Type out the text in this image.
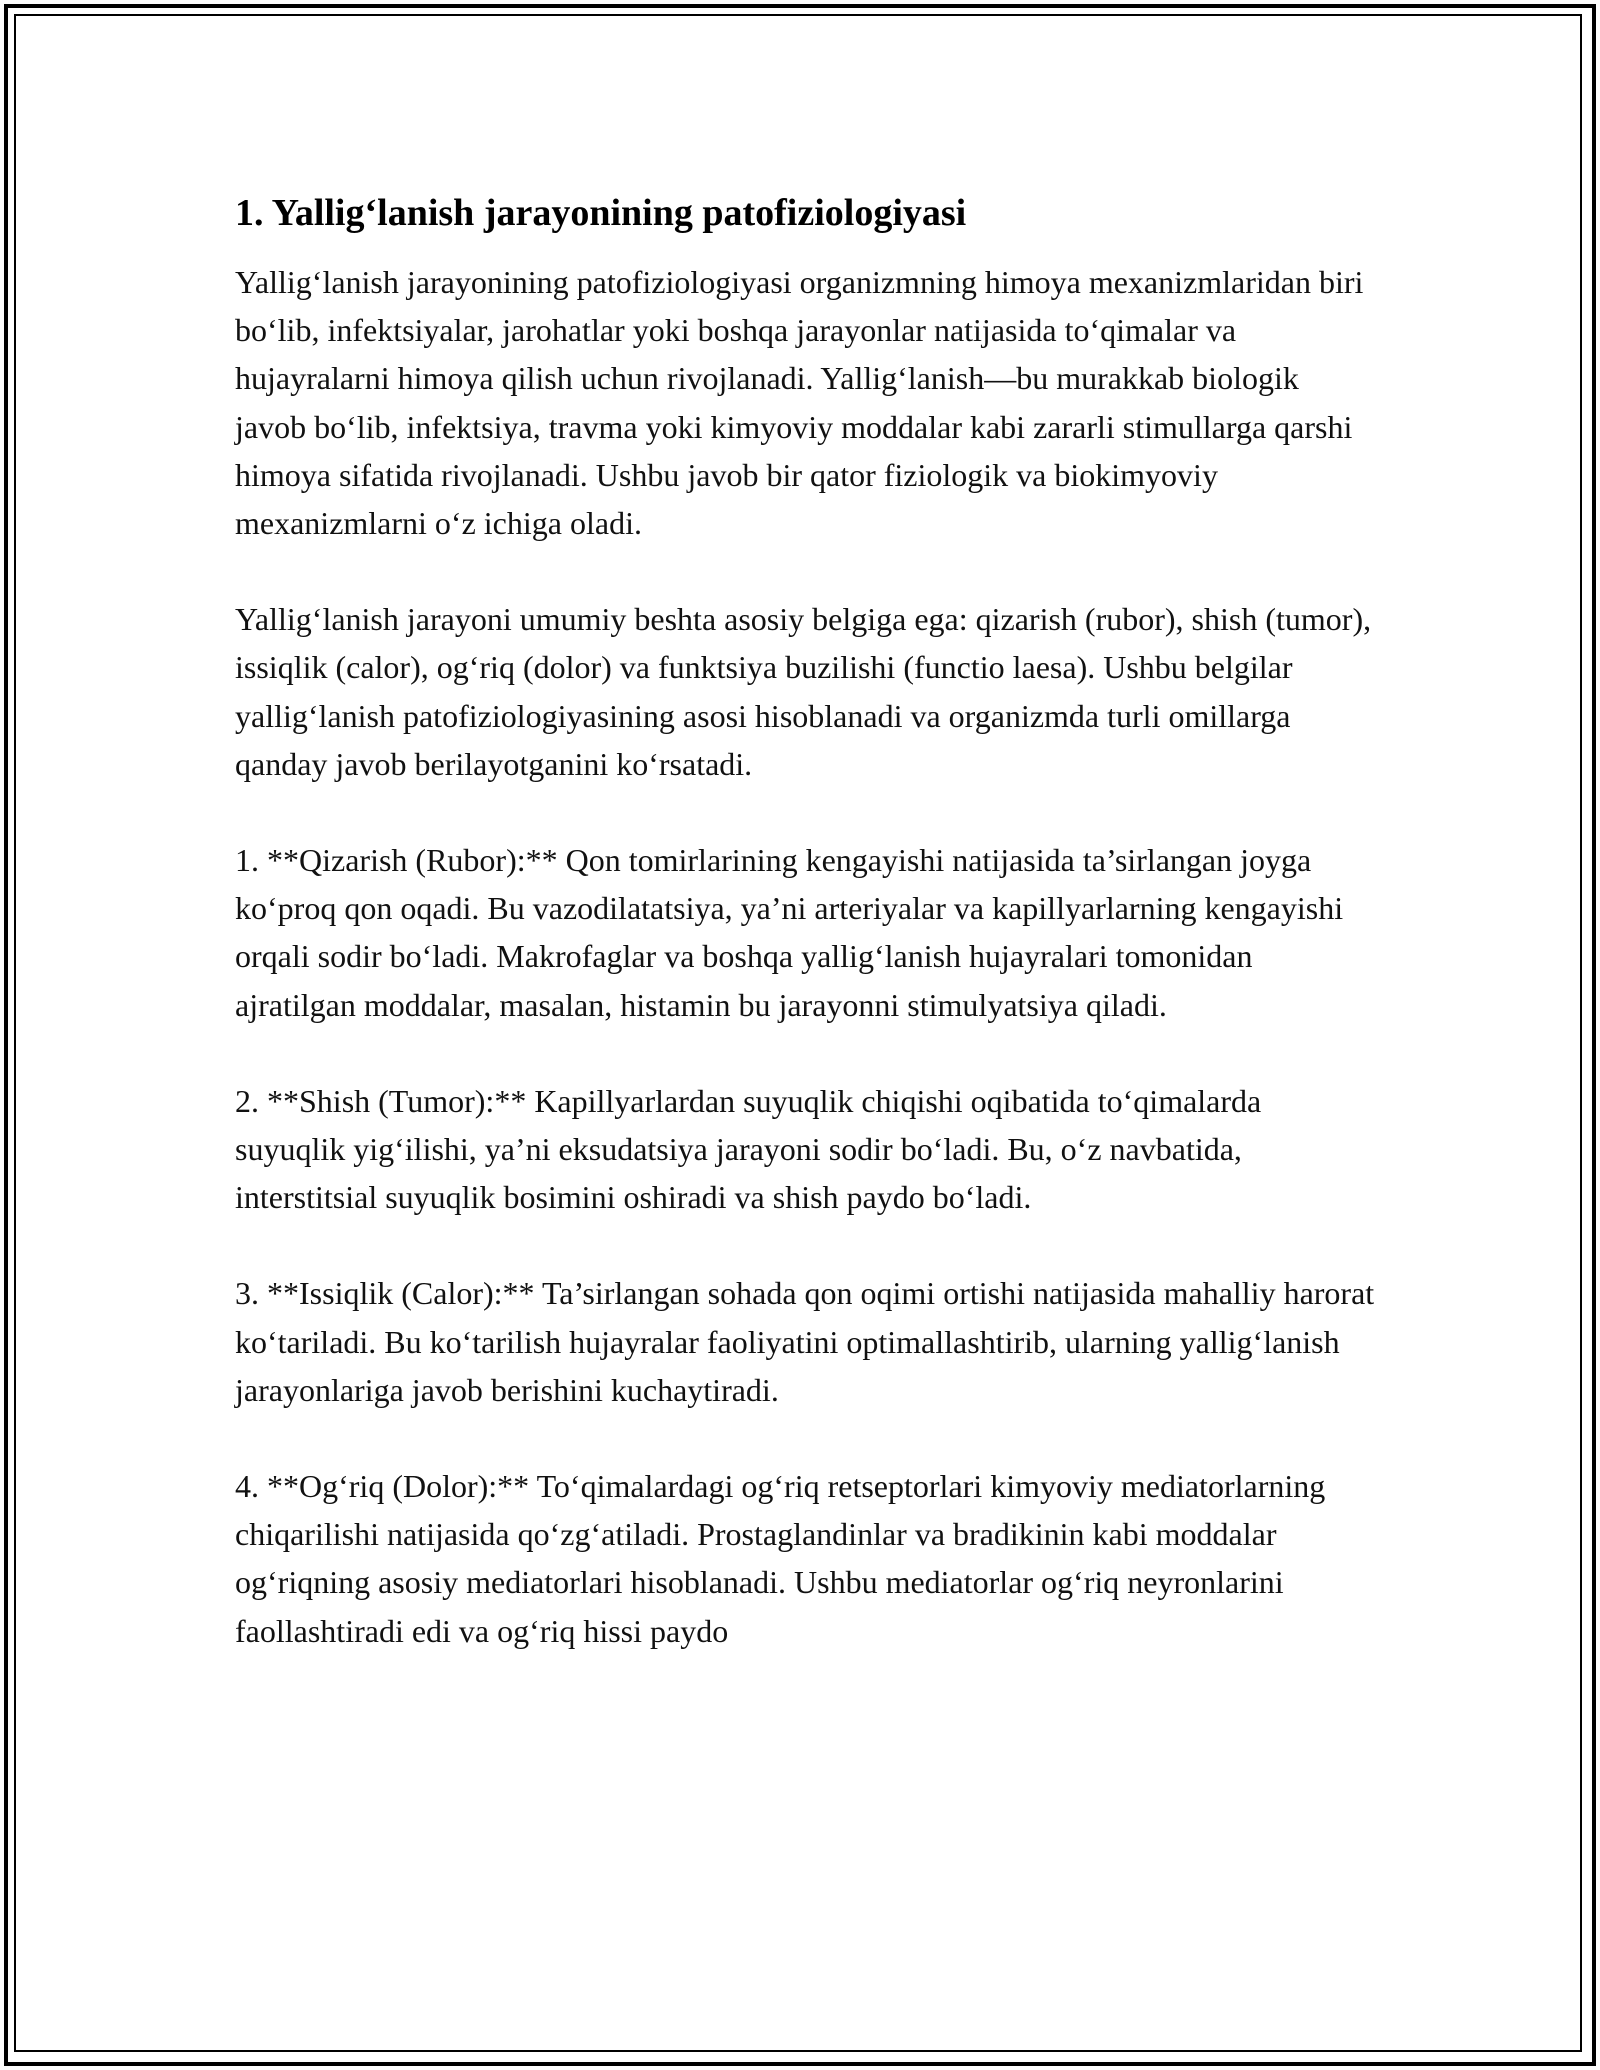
1. Yallig‘lanish jarayonining patofiziologiyasi

Yallig‘lanish jarayonining patofiziologiyasi organizmning himoya mexanizmlaridan biri bo‘lib, infektsiyalar, jarohatlar yoki boshqa jarayonlar natijasida to‘qimalar va hujayralarni himoya qilish uchun rivojlanadi. Yallig‘lanish—bu murakkab biologik javob bo‘lib, infektsiya, travma yoki kimyoviy moddalar kabi zararli stimullarga qarshi himoya sifatida rivojlanadi. Ushbu javob bir qator fiziologik va biokimyoviy mexanizmlarni o‘z ichiga oladi.

Yallig‘lanish jarayoni umumiy beshta asosiy belgiga ega: qizarish (rubor), shish (tumor), issiqlik (calor), og‘riq (dolor) va funktsiya buzilishi (functio laesa). Ushbu belgilar yallig‘lanish patofiziologiyasining asosi hisoblanadi va organizmda turli omillarga qanday javob berilayotganini ko‘rsatadi.

1. **Qizarish (Rubor):** Qon tomirlarining kengayishi natijasida ta’sirlangan joyga ko‘proq qon oqadi. Bu vazodilatatsiya, ya’ni arteriyalar va kapillyarlarning kengayishi orqali sodir bo‘ladi. Makrofaglar va boshqa yallig‘lanish hujayralari tomonidan ajratilgan moddalar, masalan, histamin bu jarayonni stimulyatsiya qiladi.

2. **Shish (Tumor):** Kapillyarlardan suyuqlik chiqishi oqibatida to‘qimalarda suyuqlik yig‘ilishi, ya’ni eksudatsiya jarayoni sodir bo‘ladi. Bu, o‘z navbatida, interstitsial suyuqlik bosimini oshiradi va shish paydo bo‘ladi.

3. **Issiqlik (Calor):** Ta’sirlangan sohada qon oqimi ortishi natijasida mahalliy harorat ko‘tariladi. Bu ko‘tarilish hujayralar faoliyatini optimallashtirib, ularning yallig‘lanish jarayonlariga javob berishini kuchaytiradi.

4. **Og‘riq (Dolor):** To‘qimalardagi og‘riq retseptorlari kimyoviy mediatorlarning chiqarilishi natijasida qo‘zg‘atiladi. Prostaglandinlar va bradikinin kabi moddalar og‘riqning asosiy mediatorlari hisoblanadi. Ushbu mediatorlar og‘riq neyronlarini faollashtiradi edi va og‘riq hissi paydo
